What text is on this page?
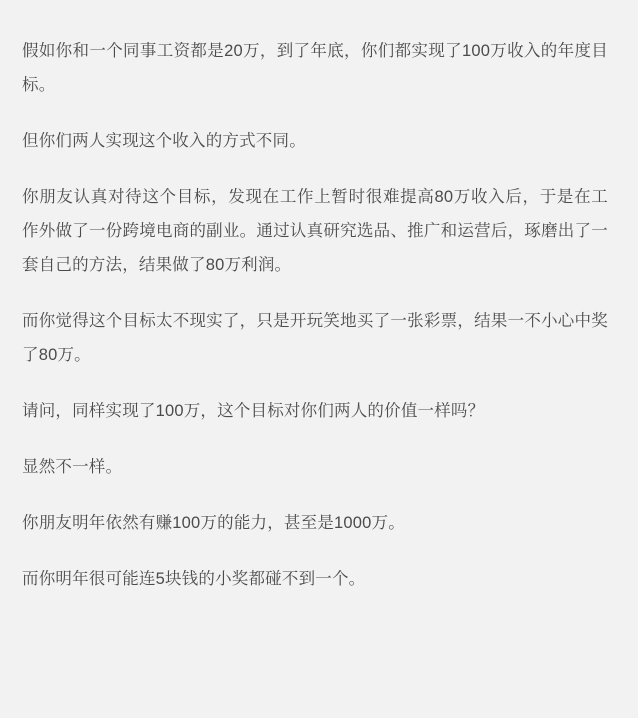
假如你和一个同事工资都是20万，到了年底，你们都实现了100万收入的年度目标。

但你们两人实现这个收入的方式不同。

你朋友认真对待这个目标，发现在工作上暂时很难提高80万收入后，于是在工作外做了一份跨境电商的副业。通过认真研究选品、推广和运营后，琢磨出了一套自己的方法，结果做了80万利润。

而你觉得这个目标太不现实了，只是开玩笑地买了一张彩票，结果一不小心中奖了80万。

请问，同样实现了100万，这个目标对你们两人的价值一样吗？

显然不一样。

你朋友明年依然有赚100万的能力，甚至是1000万。

而你明年很可能连5块钱的小奖都碰不到一个。
